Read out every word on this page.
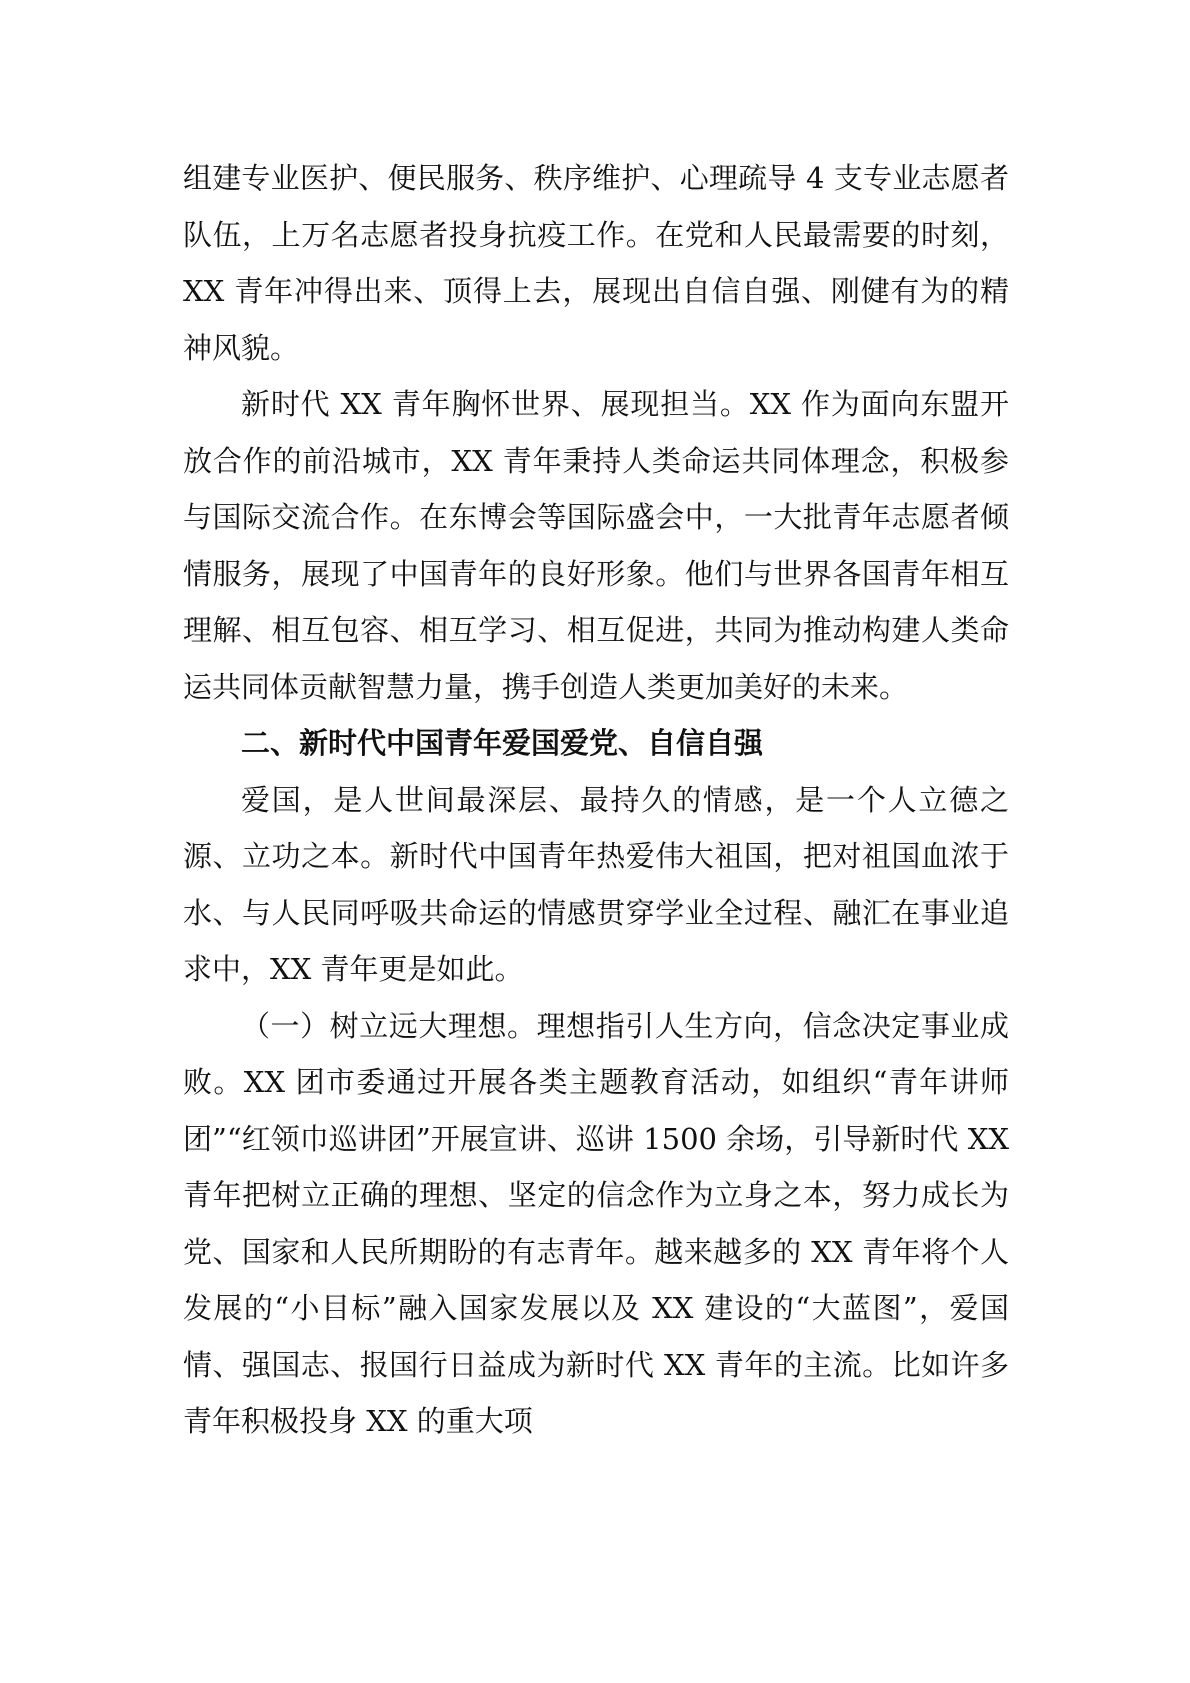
组建专业医护、便民服务、秩序维护、心理疏导 4 支专业志愿者队伍，上万名志愿者投身抗疫工作。在党和人民最需要的时刻，XX 青年冲得出来、顶得上去，展现出自信自强、刚健有为的精神风貌。

新时代 XX 青年胸怀世界、展现担当。XX 作为面向东盟开放合作的前沿城市，XX 青年秉持人类命运共同体理念，积极参与国际交流合作。在东博会等国际盛会中，一大批青年志愿者倾情服务，展现了中国青年的良好形象。他们与世界各国青年相互理解、相互包容、相互学习、相互促进，共同为推动构建人类命运共同体贡献智慧力量，携手创造人类更加美好的未来。

二、新时代中国青年爱国爱党、自信自强

爱国，是人世间最深层、最持久的情感，是一个人立德之源、立功之本。新时代中国青年热爱伟大祖国，把对祖国血浓于水、与人民同呼吸共命运的情感贯穿学业全过程、融汇在事业追求中，XX 青年更是如此。

（一）树立远大理想。理想指引人生方向，信念决定事业成败。XX 团市委通过开展各类主题教育活动，如组织“青年讲师团”“红领巾巡讲团”开展宣讲、巡讲 1500 余场，引导新时代 XX 青年把树立正确的理想、坚定的信念作为立身之本，努力成长为党、国家和人民所期盼的有志青年。越来越多的 XX 青年将个人发展的“小目标”融入国家发展以及 XX 建设的“大蓝图”，爱国情、强国志、报国行日益成为新时代 XX 青年的主流。比如许多青年积极投身 XX 的重大项
